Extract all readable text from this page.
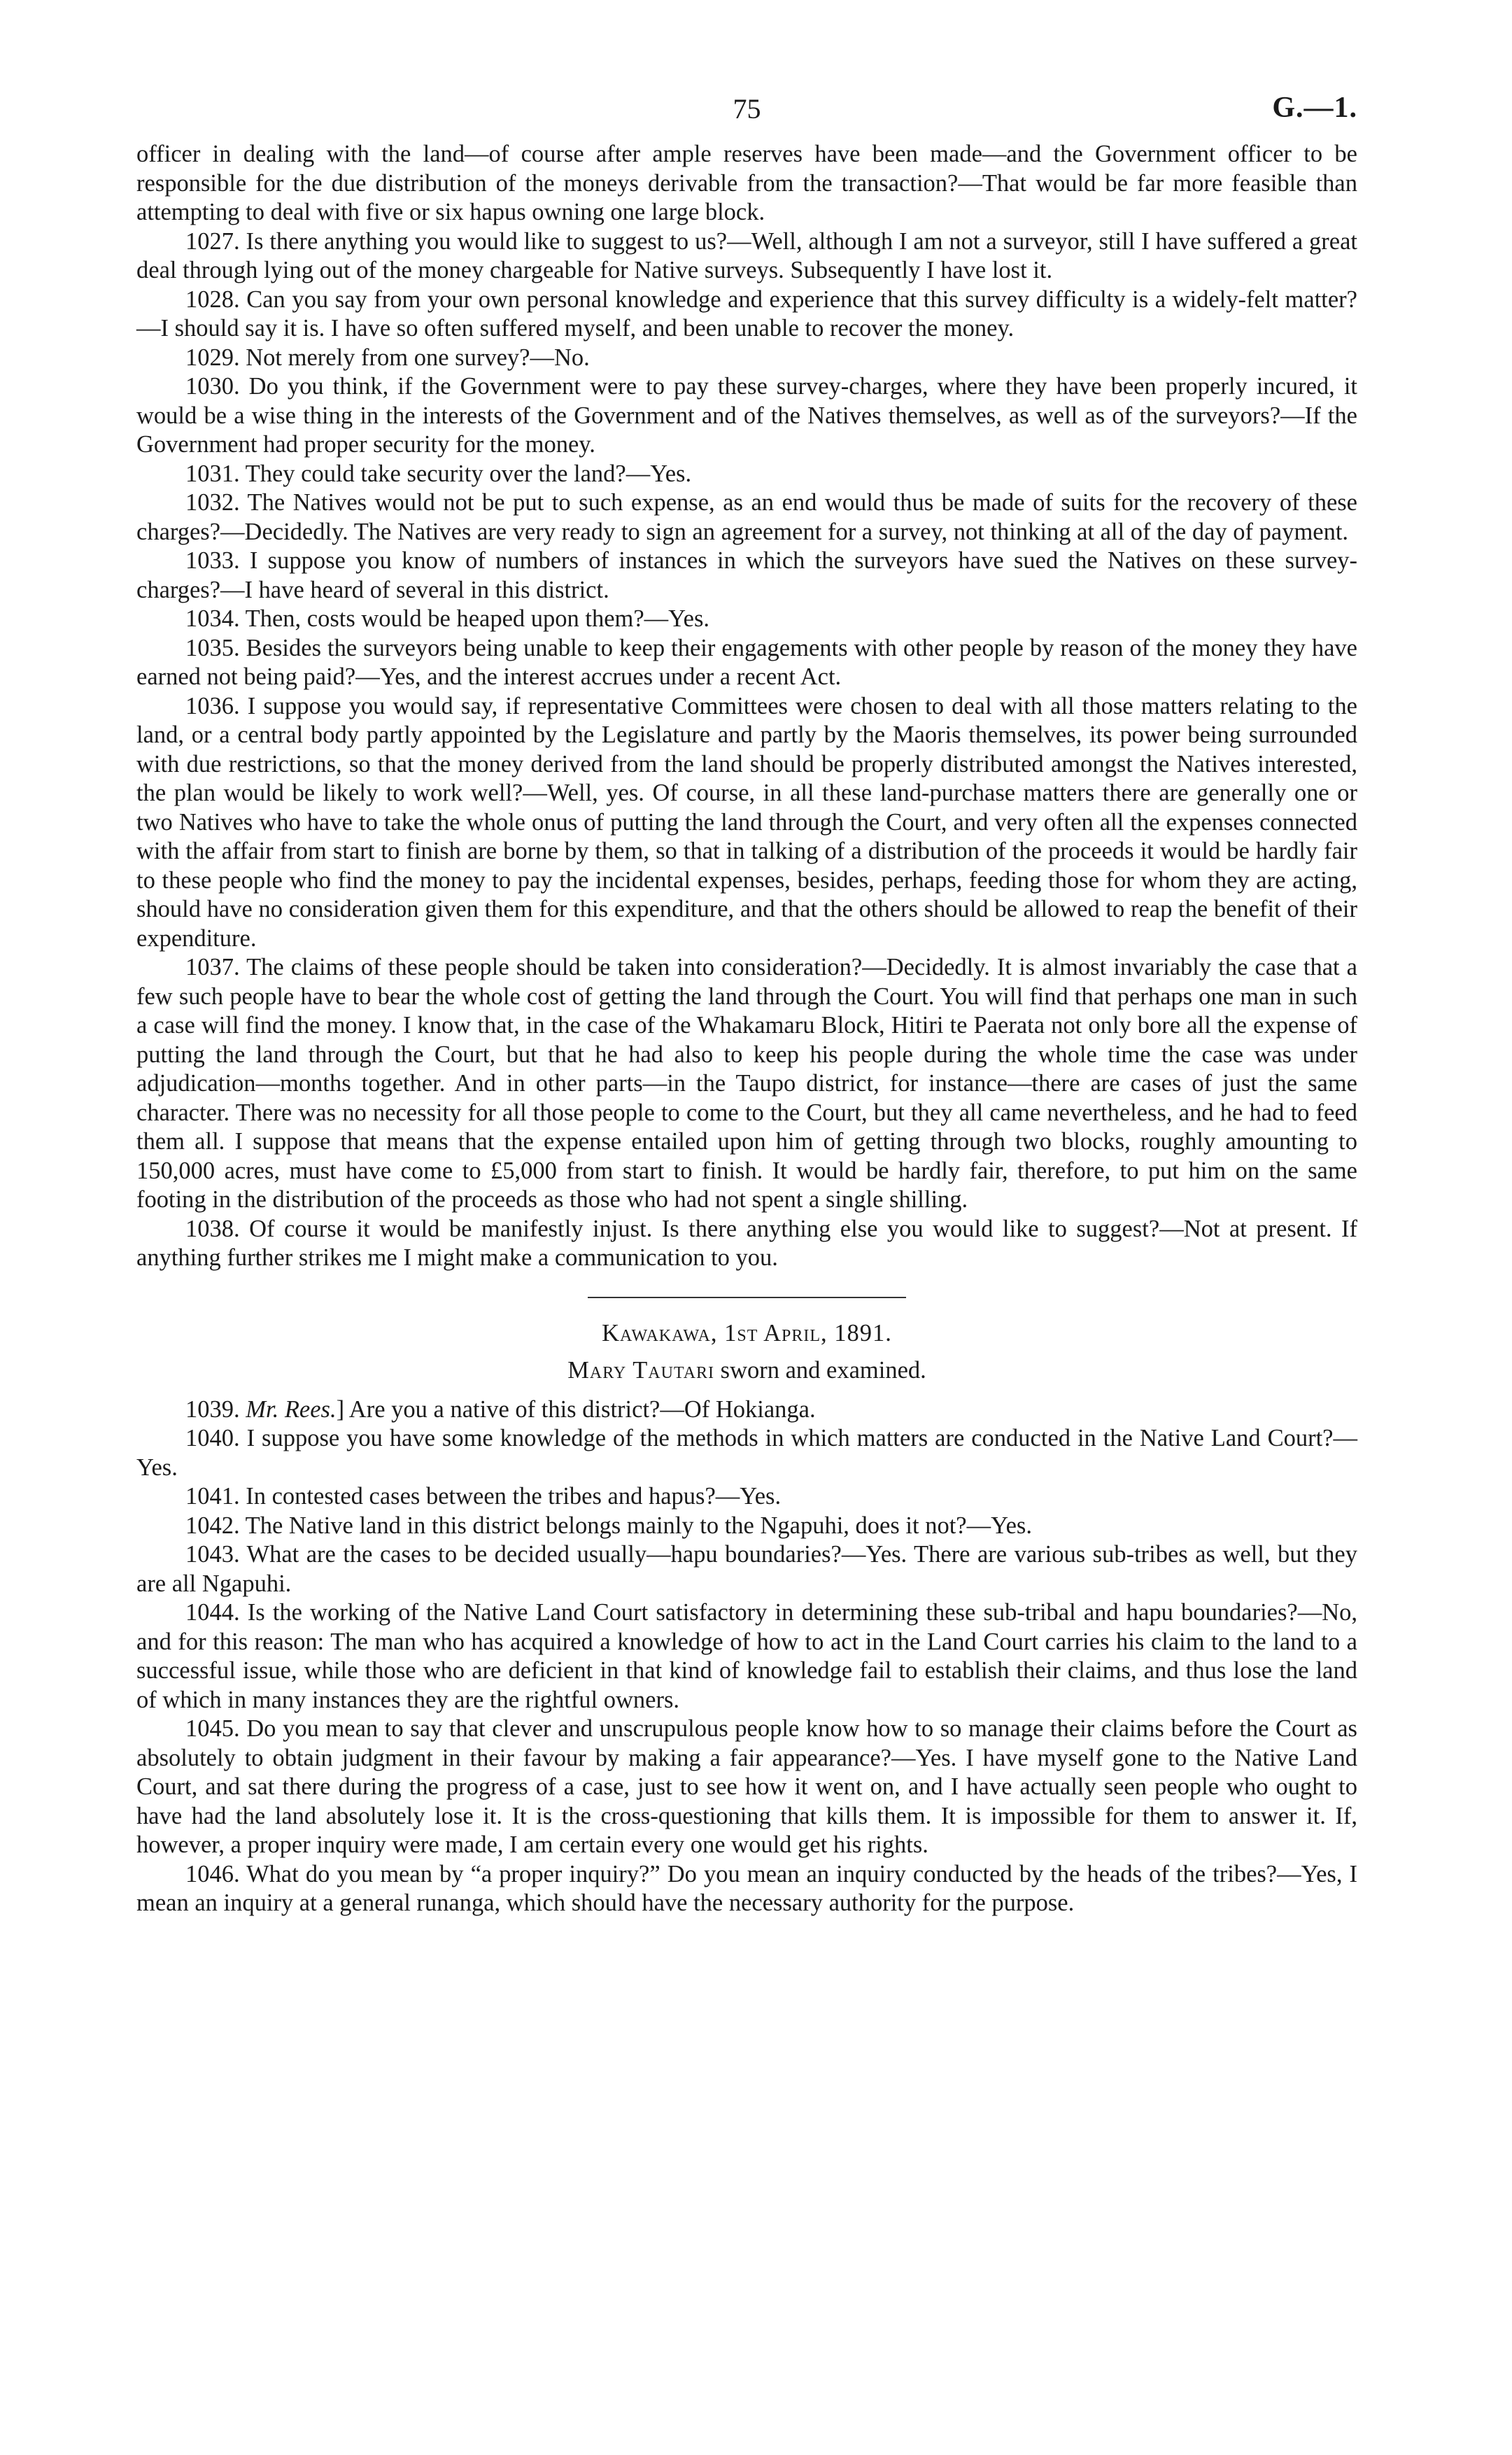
75	G.—1.

officer in dealing with the land—of course after ample reserves have been made—and the Government officer to be responsible for the due distribution of the moneys derivable from the transaction?—That would be far more feasible than attempting to deal with five or six hapus owning one large block.

1027. Is there anything you would like to suggest to us?—Well, although I am not a surveyor, still I have suffered a great deal through lying out of the money chargeable for Native surveys. Subsequently I have lost it.

1028. Can you say from your own personal knowledge and experience that this survey difficulty is a widely-felt matter?—I should say it is. I have so often suffered myself, and been unable to recover the money.

1029. Not merely from one survey?—No.

1030. Do you think, if the Government were to pay these survey-charges, where they have been properly incured, it would be a wise thing in the interests of the Government and of the Natives themselves, as well as of the surveyors?—If the Government had proper security for the money.

1031. They could take security over the land?—Yes.

1032. The Natives would not be put to such expense, as an end would thus be made of suits for the recovery of these charges?—Decidedly. The Natives are very ready to sign an agreement for a survey, not thinking at all of the day of payment.

1033. I suppose you know of numbers of instances in which the surveyors have sued the Natives on these survey-charges?—I have heard of several in this district.

1034. Then, costs would be heaped upon them?—Yes.

1035. Besides the surveyors being unable to keep their engagements with other people by reason of the money they have earned not being paid?—Yes, and the interest accrues under a recent Act.

1036. I suppose you would say, if representative Committees were chosen to deal with all those matters relating to the land, or a central body partly appointed by the Legislature and partly by the Maoris themselves, its power being surrounded with due restrictions, so that the money derived from the land should be properly distributed amongst the Natives interested, the plan would be likely to work well?—Well, yes. Of course, in all these land-purchase matters there are generally one or two Natives who have to take the whole onus of putting the land through the Court, and very often all the expenses connected with the affair from start to finish are borne by them, so that in talking of a distribution of the proceeds it would be hardly fair to these people who find the money to pay the incidental expenses, besides, perhaps, feeding those for whom they are acting, should have no consideration given them for this expenditure, and that the others should be allowed to reap the benefit of their expenditure.

1037. The claims of these people should be taken into consideration?—Decidedly. It is almost invariably the case that a few such people have to bear the whole cost of getting the land through the Court. You will find that perhaps one man in such a case will find the money. I know that, in the case of the Whakamaru Block, Hitiri te Paerata not only bore all the expense of putting the land through the Court, but that he had also to keep his people during the whole time the case was under adjudication—months together. And in other parts—in the Taupo district, for instance—there are cases of just the same character. There was no necessity for all those people to come to the Court, but they all came nevertheless, and he had to feed them all. I suppose that means that the expense entailed upon him of getting through two blocks, roughly amounting to 150,000 acres, must have come to £5,000 from start to finish. It would be hardly fair, therefore, to put him on the same footing in the distribution of the proceeds as those who had not spent a single shilling.

1038. Of course it would be manifestly injust. Is there anything else you would like to suggest?—Not at present. If anything further strikes me I might make a communication to you.

Kawakawa, 1st April, 1891.

Mary Tautari sworn and examined.

1039. Mr. Rees.] Are you a native of this district?—Of Hokianga.

1040. I suppose you have some knowledge of the methods in which matters are conducted in the Native Land Court?—Yes.

1041. In contested cases between the tribes and hapus?—Yes.

1042. The Native land in this district belongs mainly to the Ngapuhi, does it not?—Yes.

1043. What are the cases to be decided usually—hapu boundaries?—Yes. There are various sub-tribes as well, but they are all Ngapuhi.

1044. Is the working of the Native Land Court satisfactory in determining these sub-tribal and hapu boundaries?—No, and for this reason: The man who has acquired a knowledge of how to act in the Land Court carries his claim to the land to a successful issue, while those who are deficient in that kind of knowledge fail to establish their claims, and thus lose the land of which in many instances they are the rightful owners.

1045. Do you mean to say that clever and unscrupulous people know how to so manage their claims before the Court as absolutely to obtain judgment in their favour by making a fair appearance?—Yes. I have myself gone to the Native Land Court, and sat there during the progress of a case, just to see how it went on, and I have actually seen people who ought to have had the land absolutely lose it. It is the cross-questioning that kills them. It is impossible for them to answer it. If, however, a proper inquiry were made, I am certain every one would get his rights.

1046. What do you mean by “a proper inquiry?” Do you mean an inquiry conducted by the heads of the tribes?—Yes, I mean an inquiry at a general runanga, which should have the necessary authority for the purpose.
